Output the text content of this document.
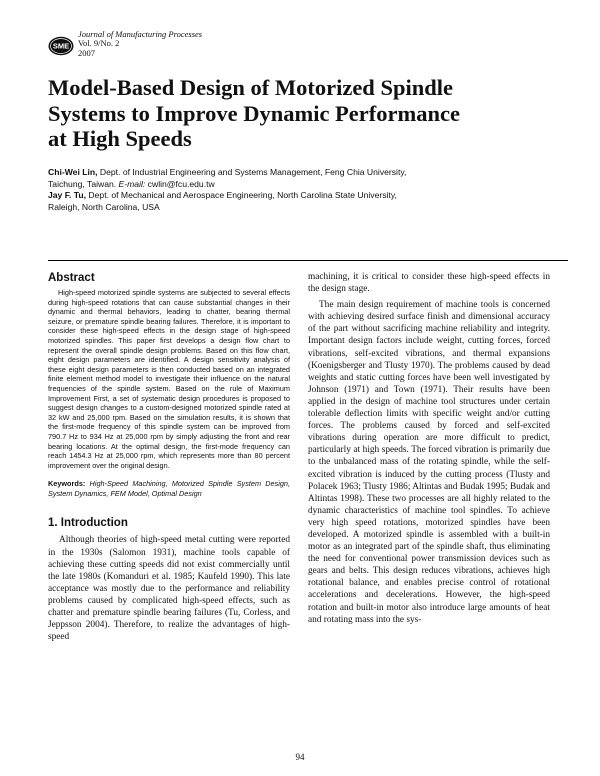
SME
Journal of Manufacturing Processes
Vol. 9/No. 2
2007
Model-Based Design of Motorized Spindle
Systems to Improve Dynamic Performance
at High Speeds
Chi-Wei Lin, Dept. of Industrial Engineering and Systems Management, Feng Chia University,
Taichung, Taiwan. E-mail: cwlin@fcu.edu.tw
Jay F. Tu, Dept. of Mechanical and Aerospace Engineering, North Carolina State University,
Raleigh, North Carolina, USA
Abstract

High-speed motorized spindle systems are subjected to several effects during high-speed rotations that can cause substantial changes in their dynamic and thermal behaviors, leading to chatter, bearing thermal seizure, or premature spindle bearing failures. Therefore, it is important to consider these high-speed effects in the design stage of high-speed motorized spindles. This paper first develops a design flow chart to represent the overall spindle design problems. Based on this flow chart, eight design parameters are identified. A design sensitivity analysis of these eight design parameters is then conducted based on an integrated finite element method model to investigate their influence on the natural frequencies of the spindle system. Based on the rule of Maximum Improvement First, a set of systematic design procedures is proposed to suggest design changes to a custom-designed motorized spindle rated at 32 kW and 25,000 rpm. Based on the simulation results, it is shown that the first-mode frequency of this spindle system can be improved from 790.7 Hz to 934 Hz at 25,000 rpm by simply adjusting the front and rear bearing locations. At the optimal design, the first-mode frequency can reach 1454.3 Hz at 25,000 rpm, which represents more than 80 percent improvement over the original design.

Keywords: High-Speed Machining, Motorized Spindle System Design, System Dynamics, FEM Model, Optimal Design

1. Introduction

Although theories of high-speed metal cutting were reported in the 1930s (Salomon 1931), machine tools capable of achieving these cutting speeds did not exist commercially until the late 1980s (Komanduri et al. 1985; Kaufeld 1990). This late acceptance was mostly due to the performance and reliability problems caused by complicated high-speed effects, such as chatter and premature spindle bearing failures (Tu, Corless, and Jeppsson 2004). Therefore, to realize the advantages of high-speed

machining, it is critical to consider these high-speed effects in the design stage.

The main design requirement of machine tools is concerned with achieving desired surface finish and dimensional accuracy of the part without sacrificing machine reliability and integrity. Important design factors include weight, cutting forces, forced vibrations, self-excited vibrations, and thermal expansions (Koenigsberger and Tlusty 1970). The problems caused by dead weights and static cutting forces have been well investigated by Johnson (1971) and Town (1971). Their results have been applied in the design of machine tool structures under certain tolerable deflection limits with specific weight and/or cutting forces. The problems caused by forced and self-excited vibrations during operation are more difficult to predict, particularly at high speeds. The forced vibration is primarily due to the unbalanced mass of the rotating spindle, while the self-excited vibration is induced by the cutting process (Tlusty and Polacek 1963; Tlusty 1986; Altintas and Budak 1995; Budak and Altintas 1998). These two processes are all highly related to the dynamic characteristics of machine tool spindles. To achieve very high speed rotations, motorized spindles have been developed. A motorized spindle is assembled with a built-in motor as an integrated part of the spindle shaft, thus eliminating the need for conventional power transmission devices such as gears and belts. This design reduces vibrations, achieves high rotational balance, and enables precise control of rotational accelerations and decelerations. However, the high-speed rotation and built-in motor also introduce large amounts of heat and rotating mass into the sys-

94
